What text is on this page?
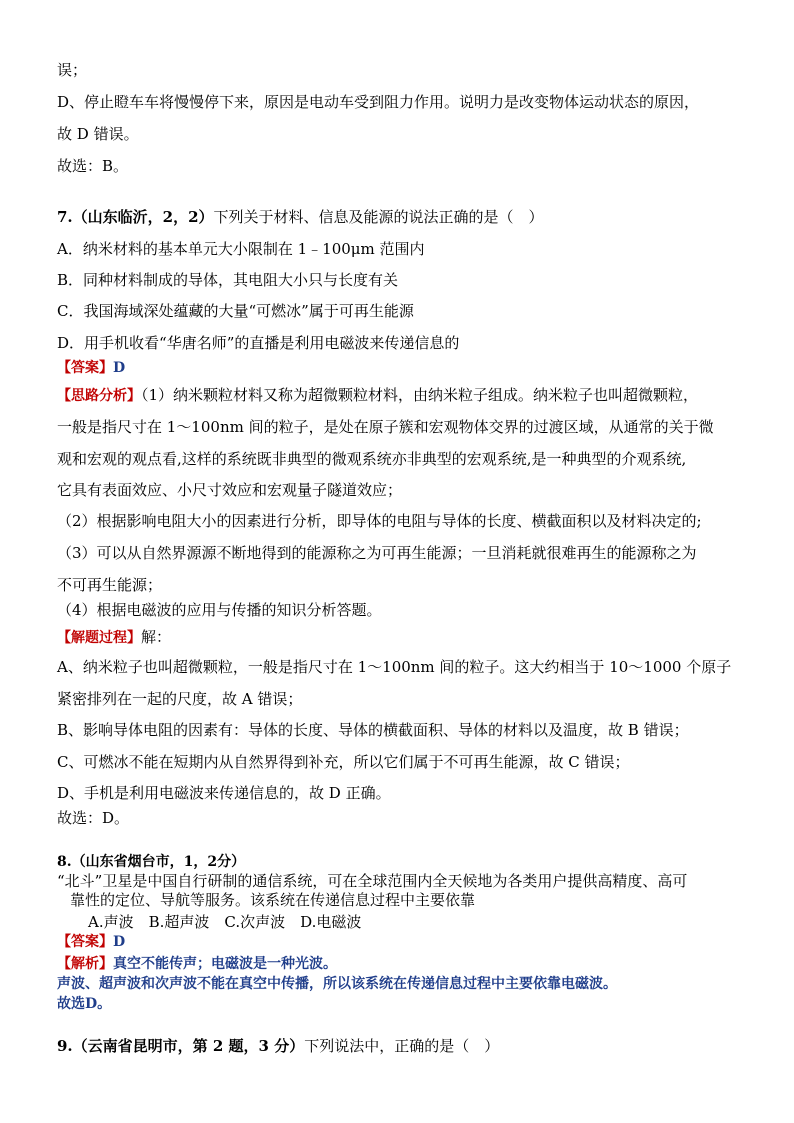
误；
D、停止瞪车车将慢慢停下来，原因是电动车受到阻力作用。说明力是改变物体运动状态的原因，
故 D 错误。
故选：B。
7.（山东临沂，2，2）下列关于材料、信息及能源的说法正确的是（　）
A．纳米材料的基本单元大小限制在 1﹣100μm 范围内
B．同种材料制成的导体，其电阻大小只与长度有关
C．我国海域深处蕴藏的大量“可燃冰”属于可再生能源
D．用手机收看“华唐名师”的直播是利用电磁波来传递信息的
【答案】D
【思路分析】（1）纳米颗粒材料又称为超微颗粒材料，由纳米粒子组成。纳米粒子也叫超微颗粒，
一般是指尺寸在 1～100nm 间的粒子，是处在原子簇和宏观物体交界的过渡区域，从通常的关于微
观和宏观的观点看,这样的系统既非典型的微观系统亦非典型的宏观系统,是一种典型的介观系统,
它具有表面效应、小尺寸效应和宏观量子隧道效应；
（2）根据影响电阻大小的因素进行分析，即导体的电阻与导体的长度、横截面积以及材料决定的;
（3）可以从自然界源源不断地得到的能源称之为可再生能源；一旦消耗就很难再生的能源称之为
不可再生能源；
（4）根据电磁波的应用与传播的知识分析答题。
【解题过程】解：
A、纳米粒子也叫超微颗粒，一般是指尺寸在 1～100nm 间的粒子。这大约相当于 10～1000 个原子
紧密排列在一起的尺度，故 A 错误；
B、影响导体电阻的因素有：导体的长度、导体的横截面积、导体的材料以及温度，故 B 错误；
C、可燃冰不能在短期内从自然界得到补充，所以它们属于不可再生能源，故 C 错误；
D、手机是利用电磁波来传递信息的，故 D 正确。
故选：D。
8.（山东省烟台市，1，2分）
“北斗”卫星是中国自行研制的通信系统，可在全球范围内全天候地为各类用户提供高精度、高可
靠性的定位、导航等服务。该系统在传递信息过程中主要依靠
A.声波　B.超声波　C.次声波　D.电磁波
【答案】D
【解析】真空不能传声；电磁波是一种光波。
声波、超声波和次声波不能在真空中传播，所以该系统在传递信息过程中主要依靠电磁波。
故选D。
9.（云南省昆明市，第 2 题，3 分）下列说法中，正确的是（　）
